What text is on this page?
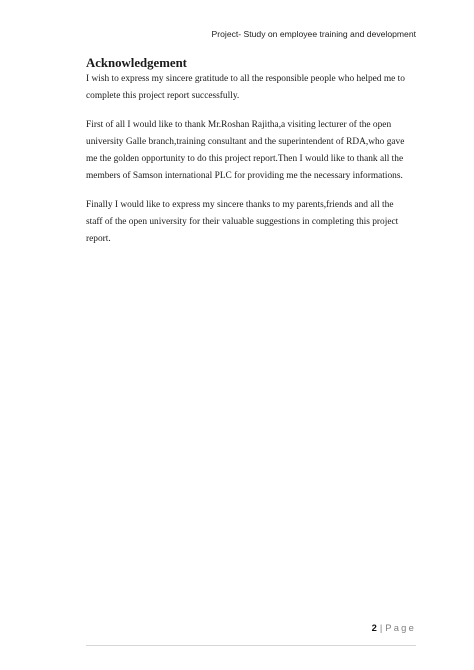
Project- Study on employee training and development
Acknowledgement

I wish to express my sincere gratitude to all the responsible people who helped me to
complete this project report successfully.

First of all I would like to thank Mr.Roshan Rajitha,a visiting lecturer of the open
university Galle branch,training consultant and the superintendent of RDA,who gave
me the golden opportunity to do this project report.Then I would like to thank all the
members of Samson international PLC for providing me the necessary informations.

Finally I would like to express my sincere thanks to my parents,friends and all the
staff of the open university for their valuable suggestions in completing this project
report.

2 | Page
